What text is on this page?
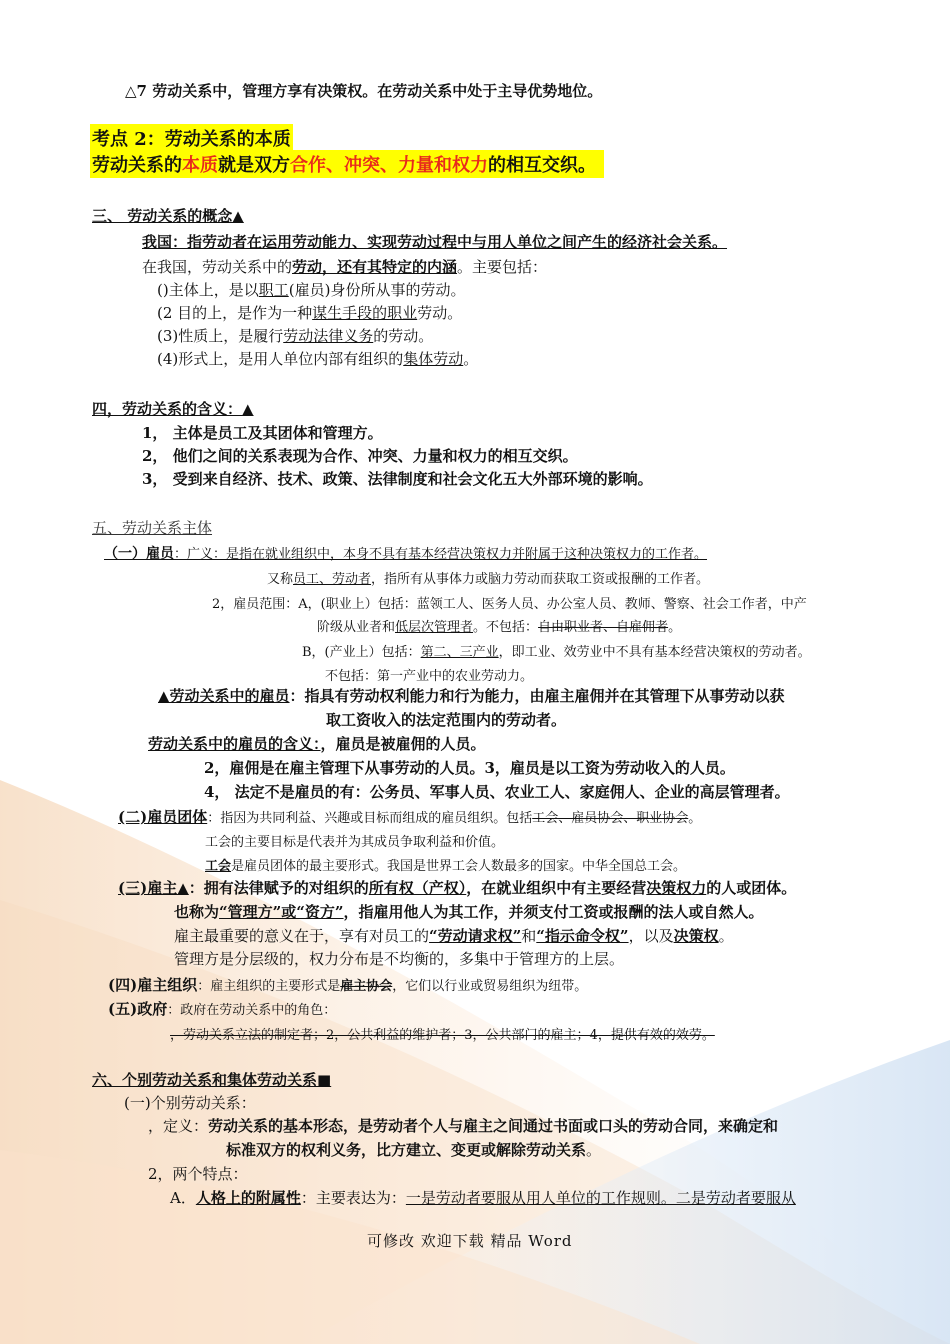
△7 劳动关系中，管理方享有决策权。在劳动关系中处于主导优势地位。
考点 2：劳动关系的本质
劳动关系的本质就是双方合作、冲突、力量和权力的相互交织。
三、 劳动关系的概念▲
我国：指劳动者在运用劳动能力、实现劳动过程中与用人单位之间产生的经济社会关系。
在我国，劳动关系中的劳动，还有其特定的内涵。主要包括：
()主体上，是以职工(雇员)身份所从事的劳动。
(2 目的上，是作为一种谋生手段的职业劳动。
(3)性质上，是履行劳动法律义务的劳动。
(4)形式上，是用人单位内部有组织的集体劳动。
四，劳动关系的含义：▲
1， 主体是员工及其团体和管理方。
2， 他们之间的关系表现为合作、冲突、力量和权力的相互交织。
3， 受到来自经济、技术、政策、法律制度和社会文化五大外部环境的影响。
五、劳动关系主体
（一）雇员：广义：是指在就业组织中，本身不具有基本经营决策权力并附属于这种决策权力的工作者。
又称员工、劳动者，指所有从事体力或脑力劳动而获取工资或报酬的工作者。
2，雇员范围：A，(职业上）包括：蓝领工人、医务人员、办公室人员、教师、警察、社会工作者，中产
阶级从业者和低层次管理者。不包括：自由职业者、自雇佣者。
B，(产业上）包括：第二、三产业，即工业、效劳业中不具有基本经营决策权的劳动者。
不包括：第一产业中的农业劳动力。
▲劳动关系中的雇员：指具有劳动权利能力和行为能力，由雇主雇佣并在其管理下从事劳动以获
取工资收入的法定范围内的劳动者。
劳动关系中的雇员的含义：，雇员是被雇佣的人员。
2，雇佣是在雇主管理下从事劳动的人员。3，雇员是以工资为劳动收入的人员。
4， 法定不是雇员的有：公务员、军事人员、农业工人、家庭佣人、企业的高层管理者。
(二)雇员团体：指因为共同利益、兴趣或目标而组成的雇员组织。包括工会、雇员协会、职业协会。
工会的主要目标是代表并为其成员争取利益和价值。
工会是雇员团体的最主要形式。我国是世界工会人数最多的国家。中华全国总工会。
(三)雇主▲：拥有法律赋予的对组织的所有权（产权），在就业组织中有主要经营决策权力的人或团体。
也称为“管理方”或“资方”，指雇用他人为其工作，并须支付工资或报酬的法人或自然人。
雇主最重要的意义在于，享有对员工的“劳动请求权”和“指示命令权”，以及决策权。
管理方是分层级的，权力分布是不均衡的，多集中于管理方的上层。
(四)雇主组织：雇主组织的主要形式是雇主协会，它们以行业或贸易组织为纽带。
(五)政府：政府在劳动关系中的角色：
，劳动关系立法的制定者；2，公共利益的维护者；3，公共部门的雇主；4，提供有效的效劳。
六、个别劳动关系和集体劳动关系■
(一)个别劳动关系：
，定义：劳动关系的基本形态，是劳动者个人与雇主之间通过书面或口头的劳动合同，来确定和
标准双方的权利义务，比方建立、变更或解除劳动关系。
2，两个特点：
A．人格上的附属性：主要表达为：一是劳动者要服从用人单位的工作规则。二是劳动者要服从
可修改 欢迎下载 精品 Word
